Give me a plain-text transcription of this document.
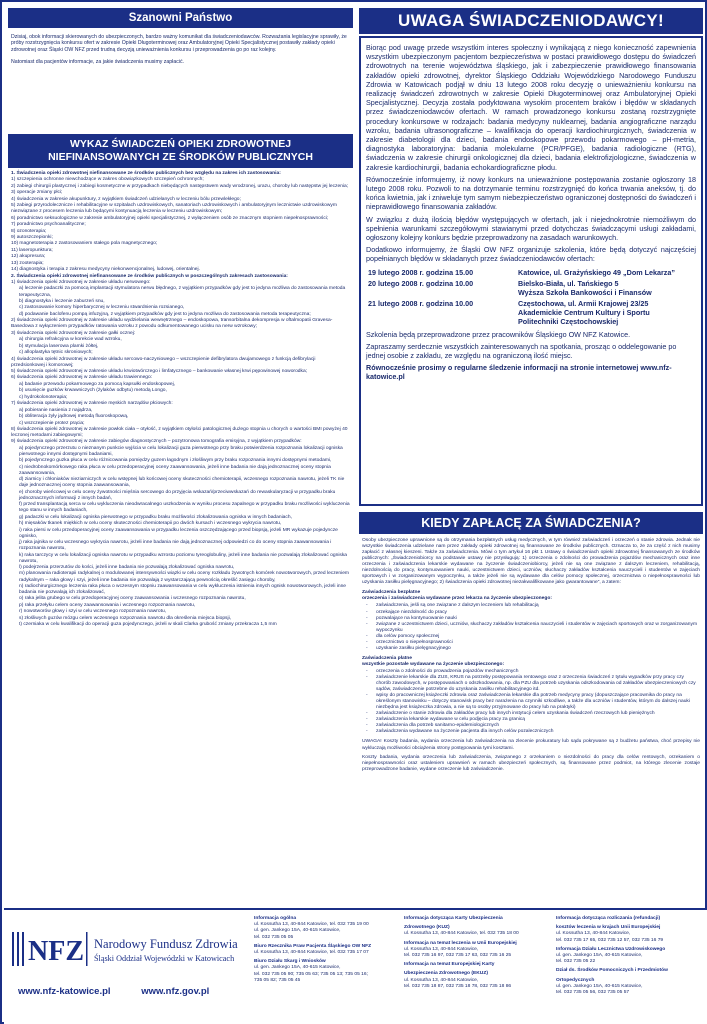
Szanowni Państwo

Dzisiaj, obok informacji skierowanych do ubezpieczonych, bardzo ważny komunikat dla świadczeniodawców. Rozważania legislacyjne sprawiły, że próby rozstrzygnięcia konkursu ofert w zakresie Opieki Długoterminowej oraz Ambulatoryjnej Opieki Specjalistycznej postawiły zakłady opieki zdrowotnej oraz Śląski OW NFZ przed trudną decyzją unieważnienia konkursu i przeprowadzenia go po raz kolejny.

Natomiast dla pacjentów informacje, za jakie świadczenia musimy zapłacić.

WYKAZ ŚWIADCZEŃ OPIEKI ZDROWOTNEJ
NIEFINANSOWANYCH ZE ŚRODKÓW PUBLICZNYCH
1. Świadczenia opieki zdrowotnej niefinansowane ze środków publicznych bez względu na zakres ich zastosowania:
1) szczepienia ochronne niewchodzące w zakres obowiązkowych szczepień ochronnych;
2) zabiegi chirurgii plastycznej i zabiegi kosmetyczne w przypadkach niebędących następstwem wady wrodzonej, urazu, choroby lub następstw jej leczenia;
3) operacje zmiany płci;
4) świadczenia w zakresie akupunktury, z wyjątkiem świadczeń udzielanych w leczeniu bólu przewlekłego;
5) zabiegi przyrodolecznicze i rehabilitacyjne w szpitalach uzdrowiskowych, sanatoriach uzdrowiskowych i ambulatoryjnym lecznictwie uzdrowiskowym niezwiązane z procesem leczenia lub będącymi kontynuacją leczenia w leczeniu uzdrowiskowym;
6) poradnictwo seksuologiczne w zakresie ambulatoryjnej opieki specjalistycznej, z wyłączeniem osób ze znacznym stopniem niepełnosprawności;
7) poradnictwo psychoanalityczne;
8) ozonoterapia;
9) autoszczepionki;
10) magnetoterapia z zastosowaniem stałego pola magnetycznego;
11) laseropunktura;
12) akupresura;
13) zooterapia;
14) diagnostyka i terapia z zakresu medycyny niekonwencjonalnej, ludowej, orientalnej.
2. Świadczenia opieki zdrowotnej niefinansowane ze środków publicznych w poszczególnych zakresach zastosowania:
1) świadczenia opieki zdrowotnej w zakresie układu nerwowego:
a) leczenie padaczki za pomocą implantacji stymulatora nerwu błędnego, z wyjątkiem przypadków gdy jest to jedyna możliwa do zastosowania metoda terapeutyczna,
b) diagnostyka i leczenie zaburzeń snu,
c) zastosowanie komory hiperbarycznej w leczeniu stwardnienia rozsianego,
d) podawanie baclofenu pompą infuzyjną, z wyjątkiem przypadków gdy jest to jedyna możliwa do zastosowania metoda terapeutyczna;
2) świadczenia opieki zdrowotnej w zakresie układu wydzielania wewnętrznego – endoskopowa, transorbitalna dekompresja w oftalmopatii Gravesa-Basedowa z wyłączeniem przypadków ratowania wzroku z powodu odkumentowanego ucisku na nerw wzrokowy;
3) świadczenia opieki zdrowotnej w zakresie gałki ocznej:
a) chirurgia refrakcyjna w korekcie wad wzroku,
b) stymulacja laserowa plamki żółtej,
c) alloplastyka tętnic skroniowych;
4) świadczenia opieki zdrowotnej w zakresie układu sercowo-naczyniowego – wszczepienie defibrylatora dwujamowego z funkcją defibrylacji przedsionkowej i komorowej;
5) świadczenia opieki zdrowotnej w zakresie układu krwiotwórczego i limfatycznego – bankowanie własnej krwi pępowinowej noworodka;
6) świadczenia opieki zdrowotnej w zakresie układu trawiennego:
a) badanie przewodu pokarmowego za pomocą kapsułki endoskopowej,
b) usunięcie guzków krwawniczych (żylaków odbytu) metodą Longo,
c) hydrokolonoterapia;
7) świadczenia opieki zdrowotnej w zakresie męskich narządów płciowych:
a) pobieranie nasienia z najądrza,
b) obliteracja żyły jądrowej metodą fluoroskopową,
c) wszczepienie protez prącia;
8) świadczenia opieki zdrowotnej w zakresie powłok ciała – otyłość, z wyjątkiem otyłości patologicznej dużego stopnia u chorych o wartości BMI powyżej 40 leczonej metodami zabiegowymi;
9) świadczenia opieki zdrowotnej w zakresie zabiegów diagnostycznych – pozytronowa tomografia emisyjna, z wyjątkiem przypadków:
a) pojedynczego przerzutu o nieznanym punkcie wyjścia w celu lokalizacji guza pierwotnego przy braku potwierdzenia rozpoznania lokalizacji ogniska pierwotnego innymi dostępnymi badaniami,
b) pojedynczego guzka płuca w celu różnicowania pomiędzy guzem łagodnym i złośliwym przy braku rozpoznania innymi dostępnymi metodami,
c) niedrobnokomórkowego raka płuca w celu przedoperacyjnej oceny zaawansowania, jeżeli inne badania nie dają jednoznacznej oceny stopnia zaawansowania,
d) ziarnicy i chłoniaków nieziarniczych w celu wstępnej lub końcowej oceny skuteczności chemioterapii, wczesnego rozpoznania nawrotu, jeżeli TK nie daje jednoznacznej oceny stopnia zaawansowania,
e) choroby wieńcowej w celu oceny żywotności mięśnia sercowego do przyjęcia wskazań/przeciwwskazań do rewaskularyzacji w przypadku braku jednoznacznych informacji z innych badań,
f) przed transplantacją serca w celu wykluczenia nieodwracalnego uszkodzenia w wyniku procesu zapalnego w przypadku braku możliwości wykluczenia tego stanu w innych badaniach,
g) padaczki w celu lokalizacji ogniska pierwotnego w przypadku braku możliwości zlokalizowania ogniska w innych badaniach,
h) mięsaków tkanek miękkich w celu oceny skuteczności chemioterapii po dwóch kursach i wczesnego wykrycia nawrotu,
i) raka piersi w celu przedoperacyjnej oceny zaawansowania w przypadku leczenia oszczędzającego przed biopsją, jeżeli MR wykazuje pojedyncze ognisko,
j) raka jajnika w celu wczesnego wykrycia nawrotu, jeżeli inne badania nie dają jednoznacznej odpowiedzi co do oceny stopnia zaawansowania i rozpoznania nawrotu,
k) raka tarczycy w celu lokalizacji ogniska nawrotu w przypadku wzrostu poziomu tyreoglobuliny, jeżeli inne badania nie pozwalają zlokalizować ogniska nawrotu,
l) podejrzenia przerzutów do kości, jeżeli inne badania nie pozwalają zlokalizować ogniska nawrotu,
m) planowania radioterapii radykalnej o modulowanej intensywności wiązki w celu oceny rozkładu żywotnych komórek nowotworowych, przed leczeniem radykalnym – raka głowy i szyi, jeżeli inne badania nie pozwalają z wystarczającą pewnością określić zasięgu choroby,
n) radiochirurgicznego leczenia raka płuca o wczesnym stopniu zaawansowania w celu wykluczenia istnienia innych ognisk nowotworowych, jeżeli inne badania nie pozwalają ich zlokalizować,
o) raka jelita grubego w celu przedoperacyjnej oceny zaawansowania i wczesnego rozpoznania nawrotu,
p) raka przełyku celem oceny zaawansowania i wczesnego rozpoznania nawrotu,
r) nowotworów głowy i szyi w celu wczesnego rozpoznania nawrotu,
s) złośliwych guzów mózgu celem wczesnego rozpoznania nawrotu dla określenia miejsca biopsji,
t) czerniaka w celu kwalifikacji do operacji guza pojedynczego, jeżeli w skali Clarka grubość zmiany przekracza 1,5 mm
UWAGA ŚWIADCZENIODAWCY!

Biorąc pod uwagę przede wszystkim interes społeczny i wynikającą z niego konieczność zapewnienia wszystkim ubezpieczonym pacjentom bezpieczeństwa w postaci prawidłowego dostępu do świadczeń zdrowotnych na terenie województwa śląskiego, jak i zabezpieczenie prawidłowego finansowania zakładów opieki zdrowotnej, dyrektor Śląskiego Oddziału Wojewódzkiego Narodowego Funduszu Zdrowia w Katowicach podjął w dniu 13 lutego 2008 roku decyzję o unieważnieniu konkursu na realizację świadczeń zdrowotnych w zakresie Opieki Długoterminowej oraz Ambulatoryjnej Opieki Specjalistycznej. Decyzja została podyktowana wysokim procentem braków i błędów w składanych przez świadczeniodawców ofertach. W ramach prowadzonego konkursu zostaną rozstrzygnięte procedury konkursowe w rodzajach: badania medycyny nuklearnej, badania angiograficzne narządu wzroku, badania ultrasonograficzne – kwalifikacja do operacji kardiochirurgicznych, świadczenia w zakresie diabetologii dla dzieci, badania endoskopowe przewodu pokarmowego – pH-metria, diagnostyka laboratoryjna: badania molekularne (PCR/PFGE), badania radiologiczne (RTG), świadczenia w zakresie chirurgii onkologicznej dla dzieci, badania elektrofizjologiczne, świadczenia w zakresie kardiochirurgii, badania echokardiograficzne płodu.

Równocześnie informujemy, iż nowy konkurs na unieważnione postępowania zostanie ogłoszony 18 lutego 2008 roku. Pozwoli to na dotrzymanie terminu rozstrzygnięć do końca trwania aneksów, tj. do końca kwietnia, jak i zniweluje tym samym niebezpieczeństwo ograniczonej dostępności do świadczeń i nieprawidłowego finansowania zakładów.

W związku z dużą ilością błędów występujących w ofertach, jak i niejednokrotnie niemożliwym do spełnienia warunkami szczegółowymi stawianymi przed dotychczas świadczącymi usługi zakładami, ogłoszony kolejny konkurs będzie przeprowadzony na zasadach warunkowych.

Dodatkowo informujemy, że Śląski OW NFZ organizuje szkolenia, które będą dotyczyć najczęściej popełnianych błędów w składanych przez świadczeniodawców ofertach:

19 lutego 2008 r. godzina 15.00	Katowice, ul. Grażyńskiego 49 „Dom Lekarza”

20 lutego 2008 r. godzina 10.00	Bielsko-Biała, ul. Tańskiego 5
Wyższa Szkoła Bankowości i Finansów

21 lutego 2008 r. godzina 10.00	Częstochowa, ul. Armii Krajowej 23/25
Akademickie Centrum Kultury i Sportu
Politechniki Częstochowskiej

Szkolenia będą przeprowadzone przez pracowników Śląskiego OW NFZ Katowice.

Zapraszamy serdecznie wszystkich zainteresowanych na spotkania, prosząc o oddelegowanie po jednej osobie z zakładu, ze względu na ograniczoną ilość miejsc.

Równocześnie prosimy o regularne śledzenie informacji na stronie internetowej www.nfz-katowice.pl

KIEDY ZAPŁACĘ ZA ŚWIADCZENIA?

Osoby ubezpieczone uprawnione są do otrzymania bezpłatnych usług medycznych, w tym również zaświadczeń i orzeczeń o stanie zdrowia. Jednak nie wszystkie świadczenia udzielane nam przez zakłady opieki zdrowotnej są finansowane ze środków publicznych. Oznacza to, że za część z nich musimy zapłacić z własnej kieszeni. Także za zaświadczenia. Mówi o tym artykuł 16 pkt 1 Ustawy o świadczeniach opieki zdrowotnej finansowanych ze środków publicznych: „Świadczeniobiorcy na podstawie ustawy nie przysługują: 1) orzeczenia o zdolności do prowadzenia pojazdów mechanicznych oraz inne orzeczenia i zaświadczenia lekarskie wydawane na życzenie świadczeniobiorcy, jeżeli nie są one związane z dalszym leczeniem, rehabilitacją, niezdolnością do pracy, kontynuowaniem nauki, uczestnictwem dzieci, uczniów, słuchaczy zakładów kształcenia nauczycieli i studentów w zajęciach sportowych i w zorganizowanym wypoczynku, a także jeżeli nie są wydawane dla celów pomocy społecznej, orzecznictwa o niepełnosprawności lub uzyskania zasiłku pielęgnacyjnego; 2) świadczenia opieki zdrowotnej niezakwalifikowane jako gwarantowane”, a zatem:

Zaświadczenia bezpłatne

orzeczenia i zaświadczenia wydawane przez lekarza na życzenie ubezpieczonego:

- zaświadczenia, jeśli są one związane z dalszym leczeniem lub rehabilitacją
- orzekające niezdolność do pracy
- pozwalające na kontynuowanie nauki
- związane z uczestnictwem dzieci, uczniów, słuchaczy zakładów kształcenia nauczycieli i studentów w zajęciach sportowych oraz w zorganizowanym wypoczynku
- dla celów pomocy społecznej
- orzecznictwo o niepełnosprawności
- uzyskanie zasiłku pielęgnacyjnego

Zaświadczenia płatne

wszystkie pozostałe wydawane na życzenie ubezpieczonego:

- orzeczenia o zdolności do prowadzenia pojazdów mechanicznych
- zaświadczenie lekarskie dla ZUS, KRUS na potrzeby postępowania rentowego oraz z orzeczenia świadczeń z tytułu wypadków przy pracy czy chorób zawodowych, w postępowaniach o odszkodowania, np. dla PZU dla potrzeb uzyskania odszkodowania od zakładów ubezpieczeniowych czy sądów, zaświadczenie potrzebne do uzyskania zasiłku rehabilitacyjnego itd.
- wpisy do pracowniczej książeczki zdrowia oraz zaświadczenia lekarskie dla potrzeb medycyny pracy (dopuszczające pracownika do pracy na określonym stanowisku – dotyczy stanowisk pracy bez narażenia na czynniki szkodliwe, a także dla uczniów i studentów, którym do dalszej nauki niezbędna jest książeczka zdrowia, a nie są to osoby przyjmowane do pracy lub na praktyki)
- zaświadczenie o stanie zdrowia dla zakładów pracy lub innych instytucji celem uzyskania świadczeń rzeczowych lub pieniężnych
- zaświadczenia lekarskie wydawane w celu podjęcia pracy za granicą
- zaświadczenia dla potrzeb sanitarno-epidemiologicznych
- zaświadczenia wydawane na życzenie pacjenta dla innych celów pozaleczniczych

UWAGA! Koszty badania, wydania orzeczenia lub zaświadczenia na zlecenie prokuratury lub sądu pokrywane są z budżetu państwa, choć przepisy nie wykluczają możliwości obciążenia strony postępowania tymi kosztami.

Koszty badania, wydania orzeczenia lub zaświadczenia, związanego z orzekaniem o niezdolności do pracy dla celów rentowych, orzekaniem o niepełnosprawności oraz ustaleniem uprawnień w ramach ubezpieczeń społecznych, są finansowane przez podmiot, na którego zlecenie zostaje przeprowadzone badanie, wydane orzeczenie lub zaświadczenie.

NFZ Narodowy Fundusz Zdrowia
Śląski Oddział Wojewódzki w Katowicach
www.nfz-katowice.pl	www.nfz.gov.pl
Informacja ogólna
ul. Kossutha 13, 40-844 Katowice, tel. 032 735 19 00
ul. gen. Jankego 15A, 40-615 Katowice,
tel. 032 735 05 05
Biuro Rzecznika Praw Pacjenta Śląskiego OW NFZ
ul. Kossutha 13, 40-844 Katowice, tel. 032 735 17 07
Biuro Działu Skarg i Wniosków
ul. gen. Jankego 15A, 40-615 Katowice,
tel. 032 735 05 90; 735 05 63; 735 05 13; 735 05 16;
735 05 82; 735 05 45
Informacja dotycząca Karty Ubezpieczenia
Zdrowotnego (KUZ)
ul. Kossutha 13, 40-844 Katowice, tel. 032 735 18 00
Informacja na temat leczenia w Unii Europejskiej
ul. Kossutha 13, 40-844 Katowice,
tel. 032 735 16 97, 032 735 17 63, 032 735 16 25
Informacja na temat Europejskiej Karty
Ubezpieczenia Zdrowotnego (EKUZ)
ul. Kossutha 13, 40-844 Katowice,
tel. 032 735 18 87, 032 735 18 78, 032 735 18 86
Informacja dotycząca rozliczania (refundacji)
kosztów leczenia w krajach Unii Europejskiej
ul. Kossutha 13, 40-844 Katowice,
tel. 032 735 17 65, 032 735 12 57, 032 735 16 79
Informacja Działu Lecznictwa Uzdrowiskowego
ul. gen. Jankego 15A, 40-615 Katowice,
tel. 032 735 05 22
Dział ds. Środków Pomocniczych i Przedmiotów
Ortopedycznych
ul. gen. Jankego 15A, 40-615 Katowice,
tel. 032 735 05 56, 032 735 05 57
